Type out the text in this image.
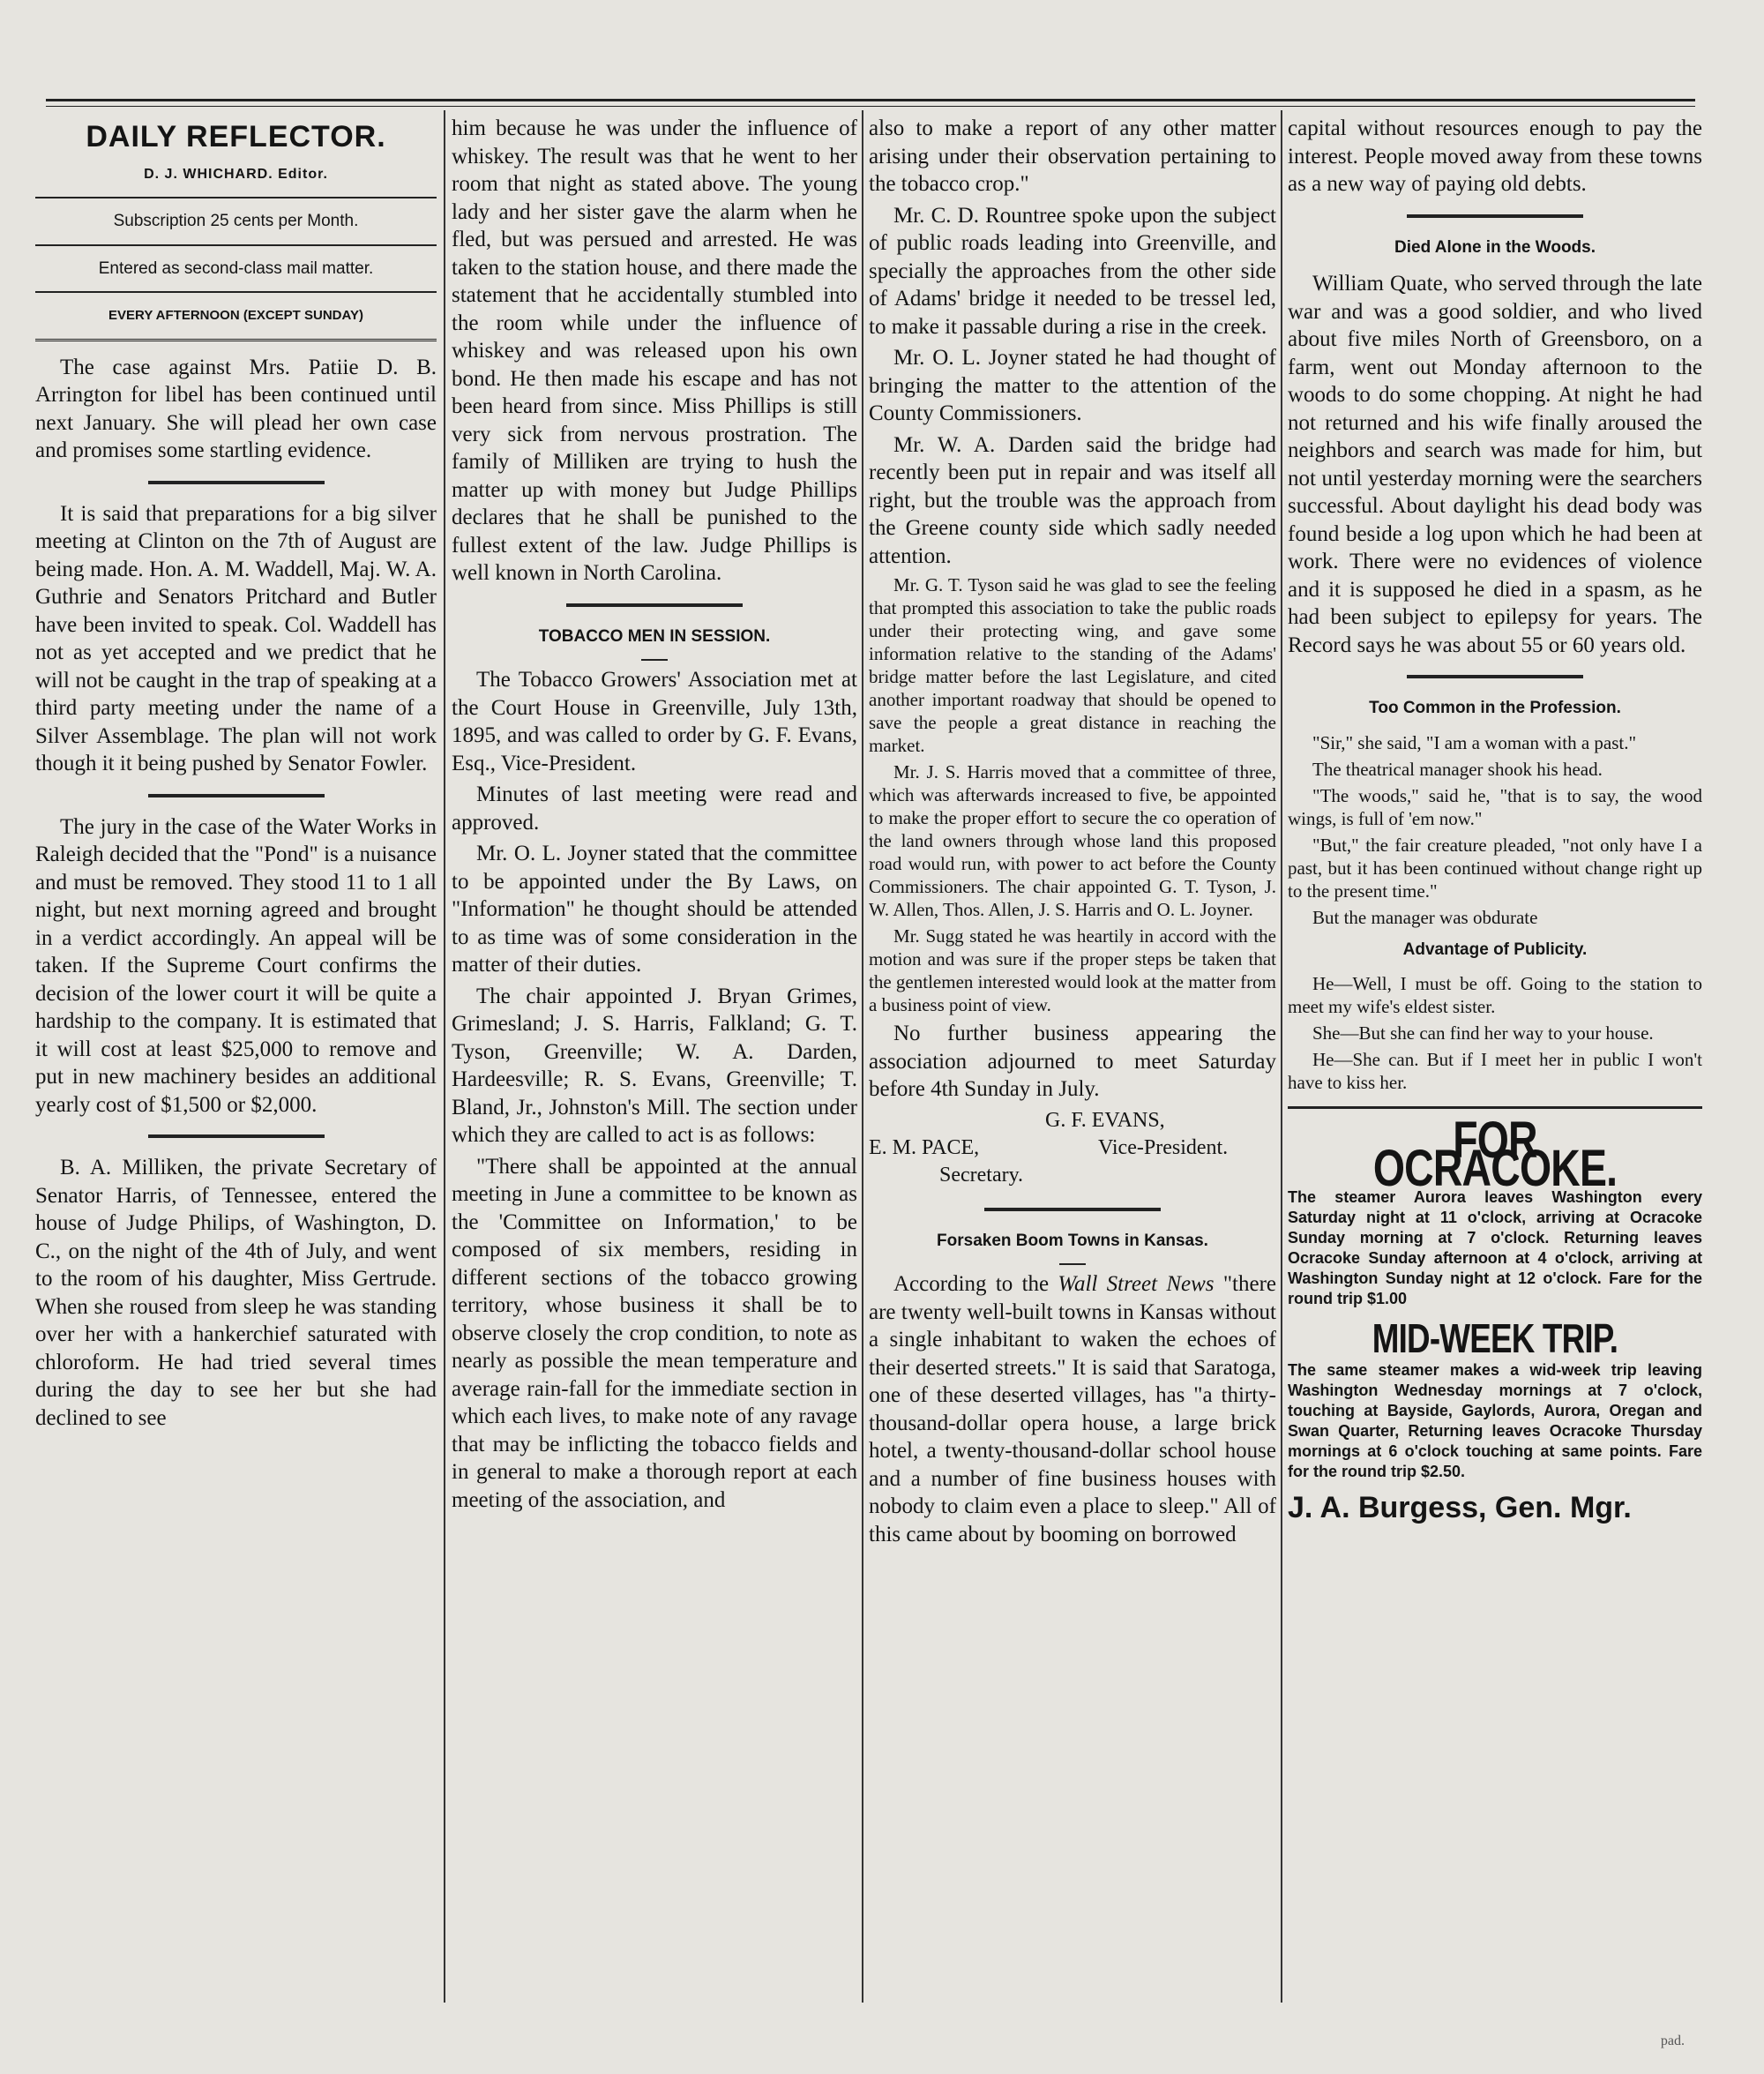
DAILY REFLECTOR.
D. J. WHICHARD. Editor.
Subscription 25 cents per Month.
Entered as second-class mail matter.
EVERY AFTERNOON (EXCEPT SUNDAY)

The case against Mrs. Patiie D. B. Arrington for libel has been continued until next January. She will plead her own case and promises some startling evidence.

It is said that preparations for a big silver meeting at Clinton on the 7th of August are being made. Hon. A. M. Waddell, Maj. W. A. Guthrie and Senators Pritchard and Butler have been invited to speak. Col. Waddell has not as yet accepted and we predict that he will not be caught in the trap of speaking at a third party meeting under the name of a Silver Assemblage. The plan will not work though it it being pushed by Senator Fowler.

The jury in the case of the Water Works in Raleigh decided that the "Pond" is a nuisance and must be removed. They stood 11 to 1 all night, but next morning agreed and brought in a verdict accordingly. An appeal will be taken. If the Supreme Court confirms the decision of the lower court it will be quite a hardship to the company. It is estimated that it will cost at least $25,000 to remove and put in new machinery besides an additional yearly cost of $1,500 or $2,000.

B. A. Milliken, the private Secretary of Senator Harris, of Tennessee, entered the house of Judge Philips, of Washington, D. C., on the night of the 4th of July, and went to the room of his daughter, Miss Gertrude. When she roused from sleep he was standing over her with a hankerchief saturated with chloroform. He had tried several times during the day to see her but she had declined to see

him because he was under the influence of whiskey. The result was that he went to her room that night as stated above. The young lady and her sister gave the alarm when he fled, but was persued and arrested. He was taken to the station house, and there made the statement that he accidentally stumbled into the room while under the influence of whiskey and was released upon his own bond. He then made his escape and has not been heard from since. Miss Phillips is still very sick from nervous prostration. The family of Milliken are trying to hush the matter up with money but Judge Phillips declares that he shall be punished to the fullest extent of the law. Judge Phillips is well known in North Carolina.

TOBACCO MEN IN SESSION.

The Tobacco Growers' Association met at the Court House in Greenville, July 13th, 1895, and was called to order by G. F. Evans, Esq., Vice-President.

Minutes of last meeting were read and approved.

Mr. O. L. Joyner stated that the committee to be appointed under the By Laws, on "Information" he thought should be attended to as time was of some consideration in the matter of their duties.

The chair appointed J. Bryan Grimes, Grimesland; J. S. Harris, Falkland; G. T. Tyson, Greenville; W. A. Darden, Hardeesville; R. S. Evans, Greenville; T. Bland, Jr., Johnston's Mill. The section under which they are called to act is as follows:

"There shall be appointed at the annual meeting in June a committee to be known as the 'Committee on Information,' to be composed of six members, residing in different sections of the tobacco growing territory, whose business it shall be to observe closely the crop condition, to note as nearly as possible the mean temperature and average rain-fall for the immediate section in which each lives, to make note of any ravage that may be inflicting the tobacco fields and in general to make a thorough report at each meeting of the association, and

also to make a report of any other matter arising under their observation pertaining to the tobacco crop."

Mr. C. D. Rountree spoke upon the subject of public roads leading into Greenville, and specially the approaches from the other side of Adams' bridge it needed to be tressel led, to make it passable during a rise in the creek.

Mr. O. L. Joyner stated he had thought of bringing the matter to the attention of the County Commissioners.

Mr. W. A. Darden said the bridge had recently been put in repair and was itself all right, but the trouble was the approach from the Greene county side which sadly needed attention.

Mr. G. T. Tyson said he was glad to see the feeling that prompted this association to take the public roads under their protecting wing, and gave some information relative to the standing of the Adams' bridge matter before the last Legislature, and cited another important roadway that should be opened to save the people a great distance in reaching the market.

Mr. J. S. Harris moved that a committee of three, which was afterwards increased to five, be appointed to make the proper effort to secure the co operation of the land owners through whose land this proposed road would run, with power to act before the County Commissioners. The chair appointed G. T. Tyson, J. W. Allen, Thos. Allen, J. S. Harris and O. L. Joyner.

Mr. Sugg stated he was heartily in accord with the motion and was sure if the proper steps be taken that the gentlemen interested would look at the matter from a business point of view.

No further business appearing the association adjourned to meet Saturday before 4th Sunday in July.

G. F. EVANS,
E. M. PACE,	Vice-President.
Secretary.
Forsaken Boom Towns in Kansas.

According to the Wall Street News "there are twenty well-built towns in Kansas without a single inhabitant to waken the echoes of their deserted streets." It is said that Saratoga, one of these deserted villages, has "a thirty-thousand-dollar opera house, a large brick hotel, a twenty-thousand-dollar school house and a number of fine business houses with nobody to claim even a place to sleep." All of this came about by booming on borrowed

capital without resources enough to pay the interest. People moved away from these towns as a new way of paying old debts.

Died Alone in the Woods.

William Quate, who served through the late war and was a good soldier, and who lived about five miles North of Greensboro, on a farm, went out Monday afternoon to the woods to do some chopping. At night he had not returned and his wife finally aroused the neighbors and search was made for him, but not until yesterday morning were the searchers successful. About daylight his dead body was found beside a log upon which he had been at work. There were no evidences of violence and it is supposed he died in a spasm, as he had been subject to epilepsy for years. The Record says he was about 55 or 60 years old.

Too Common in the Profession.

"Sir," she said, "I am a woman with a past."

The theatrical manager shook his head.

"The woods," said he, "that is to say, the wood wings, is full of 'em now."

"But," the fair creature pleaded, "not only have I a past, but it has been continued without change right up to the present time."

But the manager was obdurate

Advantage of Publicity.

He—Well, I must be off. Going to the station to meet my wife's eldest sister.

She—But she can find her way to your house.

He—She can. But if I meet her in public I won't have to kiss her.

FOR OCRACOKE.
The steamer Aurora leaves Washington every Saturday night at 11 o'clock, arriving at Ocracoke Sunday morning at 7 o'clock. Returning leaves Ocracoke Sunday afternoon at 4 o'clock, arriving at Washington Sunday night at 12 o'clock. Fare for the round trip $1.00
MID-WEEK TRIP.
The same steamer makes a wid-week trip leaving Washington Wednesday mornings at 7 o'clock, touching at Bayside, Gaylords, Aurora, Oregan and Swan Quarter, Returning leaves Ocracoke Thursday mornings at 6 o'clock touching at same points. Fare for the round trip $2.50.
J. A. Burgess, Gen. Mgr.
pad.
